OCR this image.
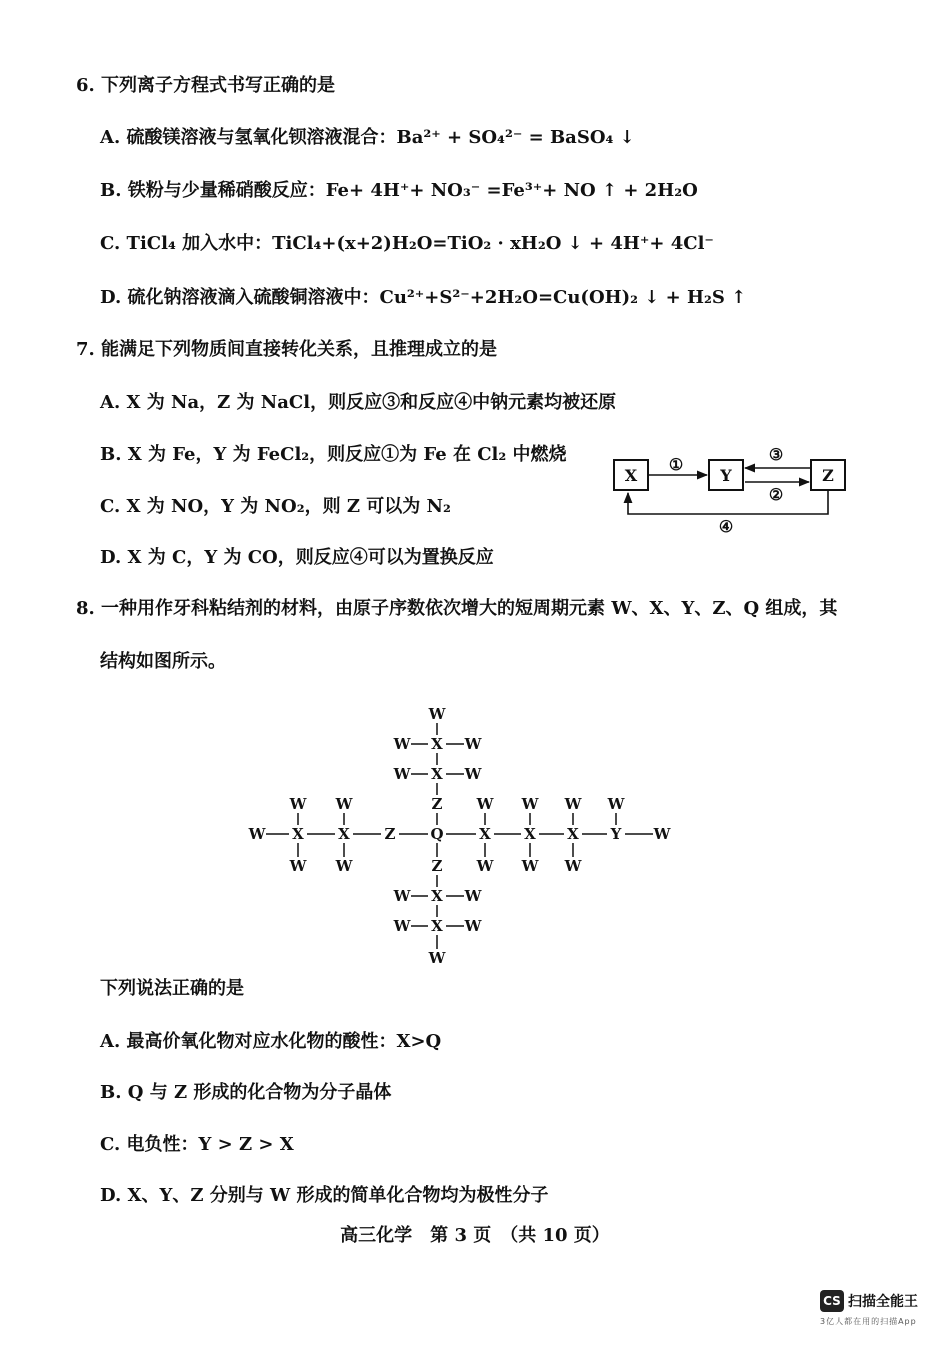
6. 下列离子方程式书写正确的是
A. 硫酸镁溶液与氢氧化钡溶液混合：Ba²⁺ + SO₄²⁻ = BaSO₄ ↓
B. 铁粉与少量稀硝酸反应：Fe+ 4H⁺+ NO₃⁻ =Fe³⁺+ NO ↑ + 2H₂O
C. TiCl₄ 加入水中：TiCl₄+(x+2)H₂O=TiO₂ · xH₂O ↓ + 4H⁺+ 4Cl⁻
D. 硫化钠溶液滴入硫酸铜溶液中：Cu²⁺+S²⁻+2H₂O=Cu(OH)₂ ↓ + H₂S ↑
7. 能满足下列物质间直接转化关系，且推理成立的是
A. X 为 Na，Z 为 NaCl，则反应③和反应④中钠元素均被还原
B. X 为 Fe，Y 为 FeCl₂，则反应①为 Fe 在 Cl₂ 中燃烧
C. X 为 NO，Y 为 NO₂，则 Z 可以为 N₂
D. X 为 C，Y 为 CO，则反应④可以为置换反应
X	Y	Z
①
③
②
④
8. 一种用作牙科粘结剂的材料，由原子序数依次增大的短周期元素 W、X、Y、Z、Q 组成，其
结构如图所示。
W
W X W
W X W
Z
W X X Z Q X X X Y W
W W	W W W W
W W	W W W
Z
W X W
W X W
W
下列说法正确的是
A. 最高价氧化物对应水化物的酸性：X>Q
B. Q 与 Z 形成的化合物为分子晶体
C. 电负性：Y > Z > X
D. X、Y、Z 分别与 W 形成的简单化合物均为极性分子
高三化学　第 3 页　（共 10 页）
CS 扫描全能王
3亿人都在用的扫描App
